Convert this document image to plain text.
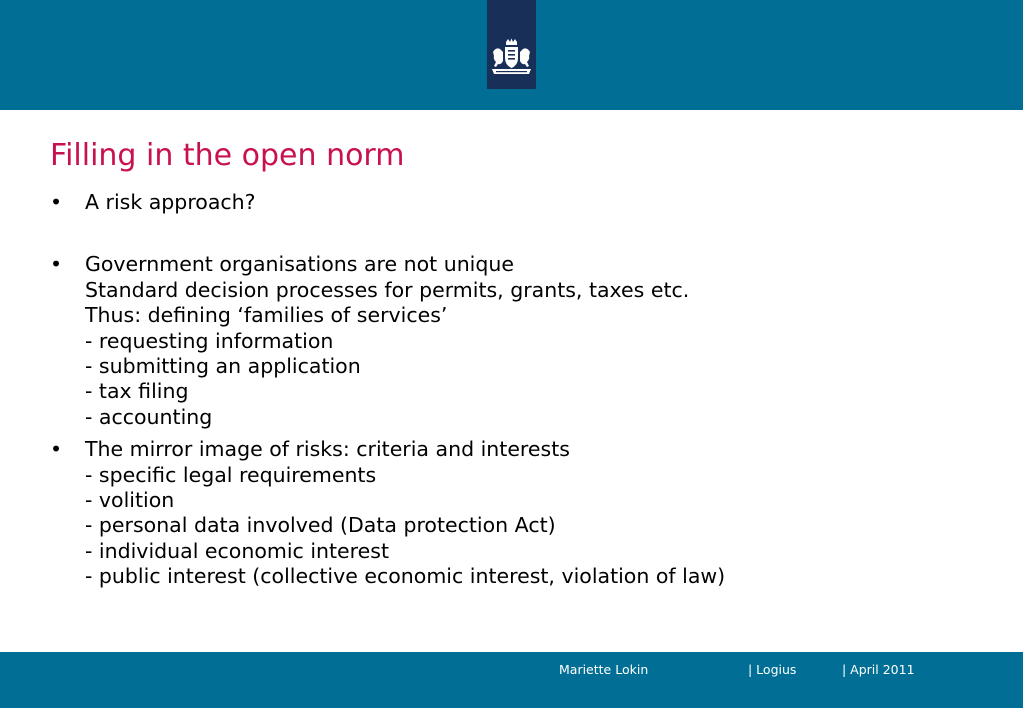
Filling in the open norm
• A risk approach?
• Government organisations are not unique
Standard decision processes for permits, grants, taxes etc.
Thus: defining ‘families of services’
- requesting information
- submitting an application
- tax filing
- accounting
• The mirror image of risks: criteria and interests
- specific legal requirements
- volition
- personal data involved (Data protection Act)
- individual economic interest
- public interest (collective economic interest, violation of law)
Mariette Lokin	| Logius	| April 2011
